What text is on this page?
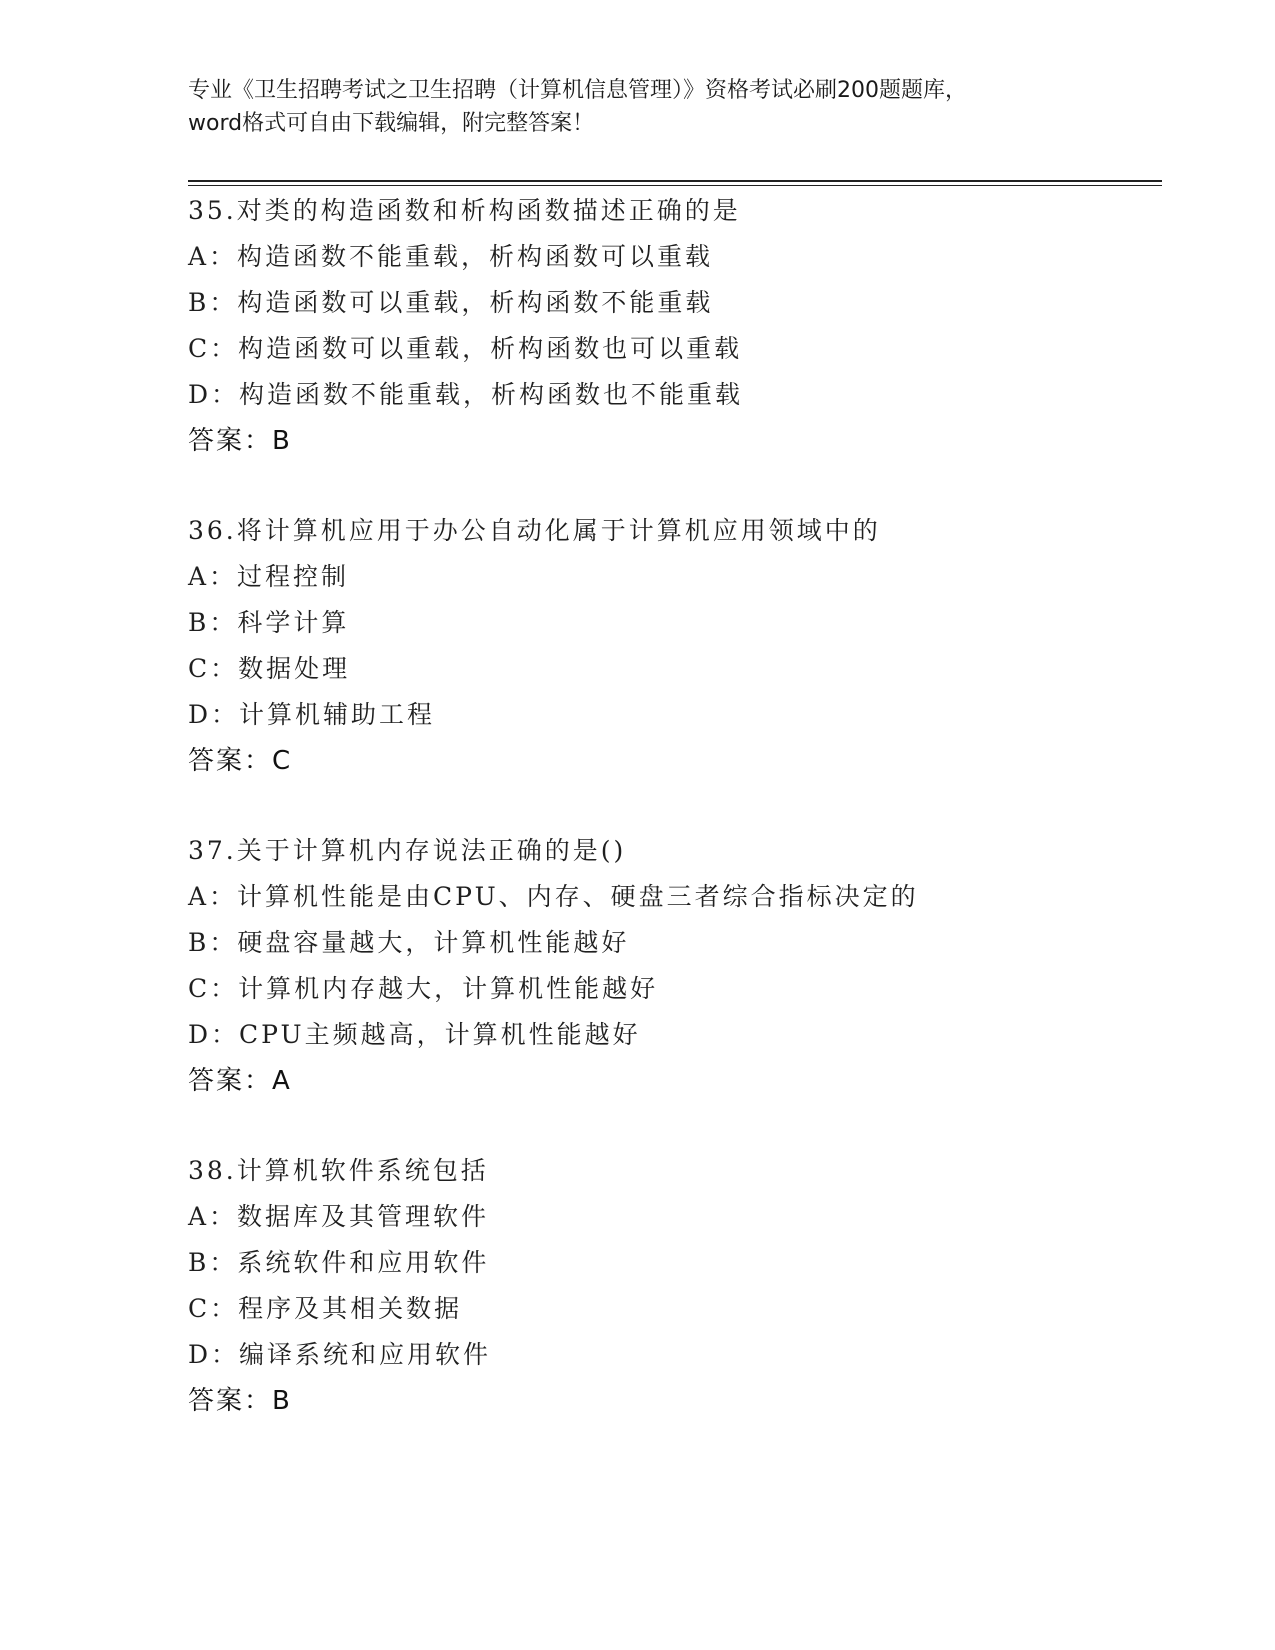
专业《卫生招聘考试之卫生招聘（计算机信息管理）》资格考试必刷200题题库，
word格式可自由下载编辑，附完整答案！
35.对类的构造函数和析构函数描述正确的是
A：构造函数不能重载，析构函数可以重载
B：构造函数可以重载，析构函数不能重载
C：构造函数可以重载，析构函数也可以重载
D：构造函数不能重载，析构函数也不能重载
答案：B
36.将计算机应用于办公自动化属于计算机应用领域中的
A：过程控制
B：科学计算
C：数据处理
D：计算机辅助工程
答案：C
37.关于计算机内存说法正确的是()
A：计算机性能是由CPU、内存、硬盘三者综合指标决定的
B：硬盘容量越大，计算机性能越好
C：计算机内存越大，计算机性能越好
D：CPU主频越高，计算机性能越好
答案：A
38.计算机软件系统包括
A：数据库及其管理软件
B：系统软件和应用软件
C：程序及其相关数据
D：编译系统和应用软件
答案：B
